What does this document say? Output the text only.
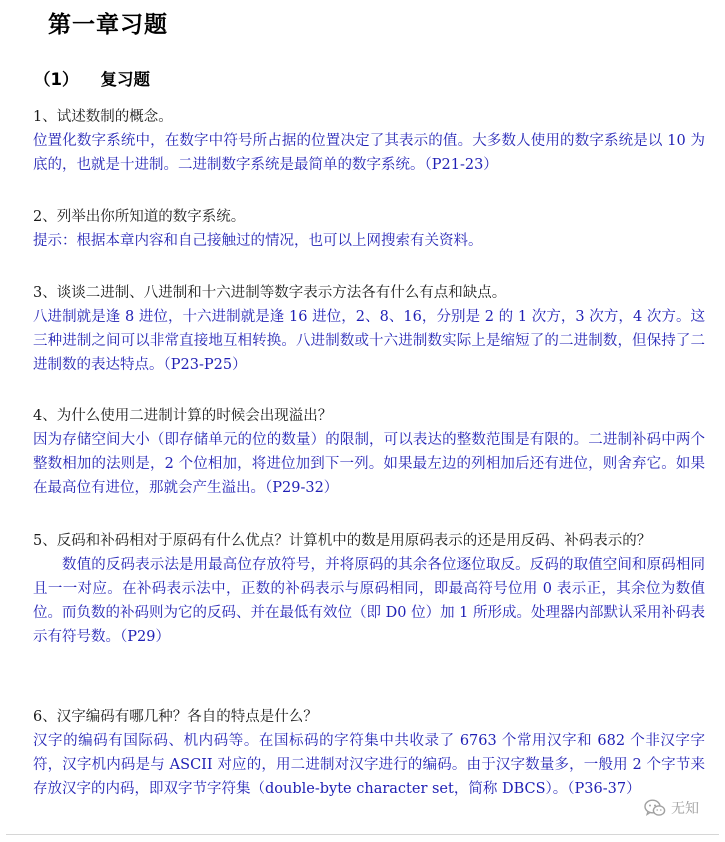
第一章习题
（1） 复习题

1、试述数制的概念。

位置化数字系统中，在数字中符号所占据的位置决定了其表示的值。大多数人使用的数字系统是以 10 为底的，也就是十进制。二进制数字系统是最简单的数字系统。（P21-23）

2、列举出你所知道的数字系统。

提示：根据本章内容和自己接触过的情况，也可以上网搜索有关资料。

3、谈谈二进制、八进制和十六进制等数字表示方法各有什么有点和缺点。

八进制就是逢 8 进位，十六进制就是逢 16 进位，2、8、16，分别是 2 的 1 次方，3 次方，4 次方。这三种进制之间可以非常直接地互相转换。八进制数或十六进制数实际上是缩短了的二进制数，但保持了二进制数的表达特点。（P23-P25）

4、为什么使用二进制计算的时候会出现溢出？

因为存储空间大小（即存储单元的位的数量）的限制，可以表达的整数范围是有限的。二进制补码中两个整数相加的法则是，2 个位相加，将进位加到下一列。如果最左边的列相加后还有进位，则舍弃它。如果在最高位有进位，那就会产生溢出。（P29-32）

5、反码和补码相对于原码有什么优点？计算机中的数是用原码表示的还是用反码、补码表示的？

数值的反码表示法是用最高位存放符号，并将原码的其余各位逐位取反。反码的取值空间和原码相同且一一对应。在补码表示法中，正数的补码表示与原码相同，即最高符号位用 0 表示正，其余位为数值位。而负数的补码则为它的反码、并在最低有效位（即 D0 位）加 1 所形成。处理器内部默认采用补码表示有符号数。（P29）

6、汉字编码有哪几种？各自的特点是什么？

汉字的编码有国际码、机内码等。在国标码的字符集中共收录了 6763 个常用汉字和 682 个非汉字字符，汉字机内码是与 ASCII 对应的，用二进制对汉字进行的编码。由于汉字数量多，一般用 2 个字节来存放汉字的内码，即双字节字符集（double-byte character set，简称 DBCS）。（P36-37）

无知
